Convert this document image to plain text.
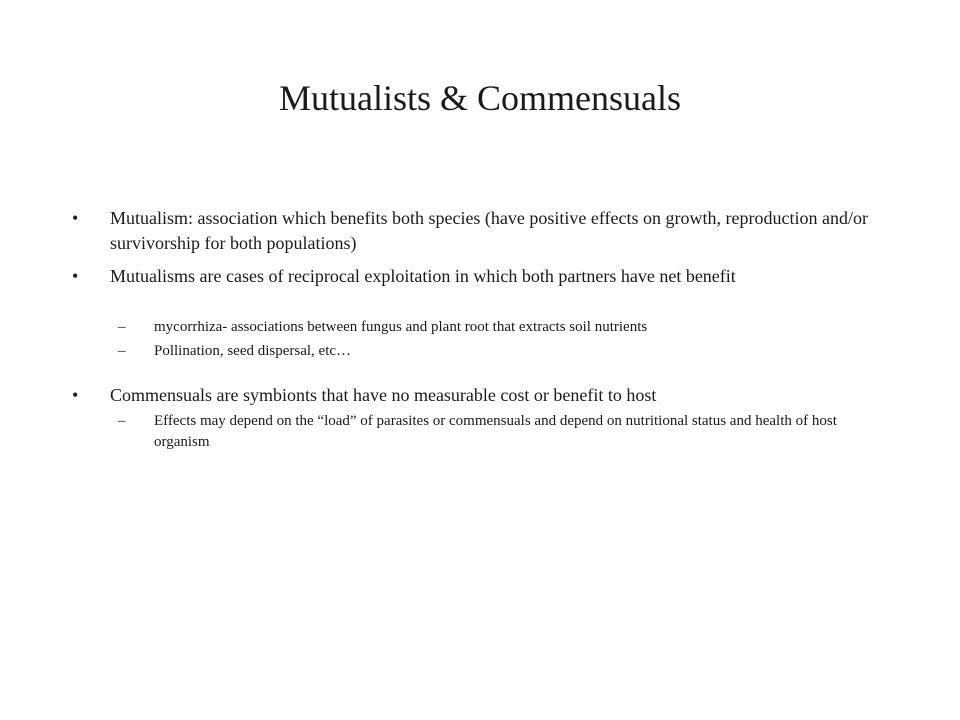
Mutualists & Commensuals
•	Mutualism: association which benefits both species (have positive effects on growth, reproduction and/or survivorship for both populations)
•	Mutualisms are cases of reciprocal exploitation in which both partners have net benefit
– mycorrhiza- associations between fungus and plant root that extracts soil nutrients
– Pollination, seed dispersal, etc…
•	Commensuals are symbionts that have no measurable cost or benefit to host
– Effects may depend on the “load” of parasites or commensuals and depend on nutritional status and health of host organism
